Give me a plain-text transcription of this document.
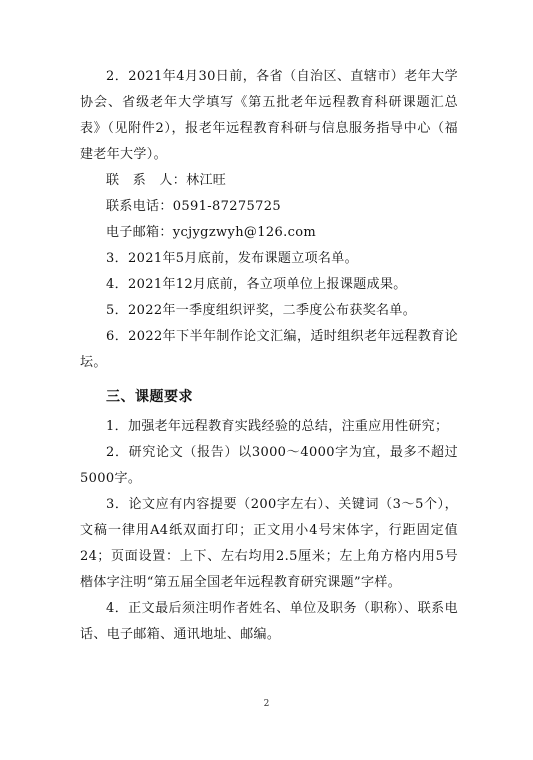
2．2021年4月30日前，各省（自治区、直辖市）老年大学协会、省级老年大学填写《第五批老年远程教育科研课题汇总表》（见附件2），报老年远程教育科研与信息服务指导中心（福建老年大学）。

联　系　人：林江旺

联系电话：0591-87275725

电子邮箱：ycjygzwyh@126.com

3．2021年5月底前，发布课题立项名单。

4．2021年12月底前，各立项单位上报课题成果。

5．2022年一季度组织评奖，二季度公布获奖名单。

6．2022年下半年制作论文汇编，适时组织老年远程教育论坛。

三、课题要求

1．加强老年远程教育实践经验的总结，注重应用性研究；

2．研究论文（报告）以3000～4000字为宜，最多不超过5000字。

3．论文应有内容提要（200字左右）、关键词（3～5个），文稿一律用A4纸双面打印；正文用小4号宋体字，行距固定值24；页面设置：上下、左右均用2.5厘米；左上角方格内用5号楷体字注明“第五届全国老年远程教育研究课题”字样。

4．正文最后须注明作者姓名、单位及职务（职称）、联系电话、电子邮箱、通讯地址、邮编。

2
